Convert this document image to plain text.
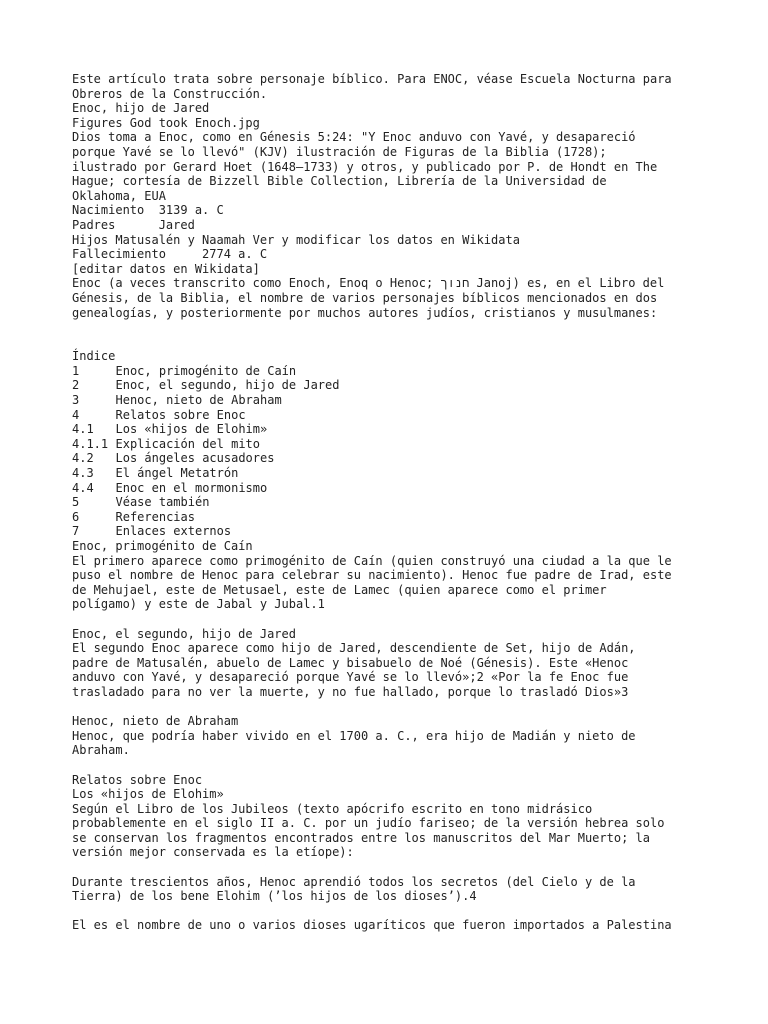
Este artículo trata sobre personaje bíblico. Para ENOC, véase Escuela Nocturna para
Obreros de la Construcción.
Enoc, hijo de Jared
Figures God took Enoch.jpg
Dios toma a Enoc, como en Génesis 5:24: "Y Enoc anduvo con Yavé, y desapareció
porque Yavé se lo llevó" (KJV) ilustración de Figuras de la Biblia (1728);
ilustrado por Gerard Hoet (1648–1733) y otros, y publicado por P. de Hondt en The
Hague; cortesía de Bizzell Bible Collection, Librería de la Universidad de
Oklahoma, EUA
Nacimiento  3139 a. C
Padres      Jared
Hijos Matusalén y Naamah Ver y modificar los datos en Wikidata
Fallecimiento     2774 a. C
[editar datos en Wikidata]
Enoc (a veces transcrito como Enoch, Enoq o Henoc; חנוך Janoj) es, en el Libro del
Génesis, de la Biblia, el nombre de varios personajes bíblicos mencionados en dos
genealogías, y posteriormente por muchos autores judíos, cristianos y musulmanes:
Índice
1	Enoc, primogénito de Caín
2	Enoc, el segundo, hijo de Jared
3	Henoc, nieto de Abraham
4	Relatos sobre Enoc
4.1 Los «hijos de Elohim»
4.1.1 Explicación del mito
4.2 Los ángeles acusadores
4.3 El ángel Metatrón
4.4 Enoc en el mormonismo
5	Véase también
6	Referencias
7	Enlaces externos
Enoc, primogénito de Caín
El primero aparece como primogénito de Caín (quien construyó una ciudad a la que le
puso el nombre de Henoc para celebrar su nacimiento). Henoc fue padre de Irad, este
de Mehujael, este de Metusael, este de Lamec (quien aparece como el primer
polígamo) y este de Jabal y Jubal.1
Enoc, el segundo, hijo de Jared
El segundo Enoc aparece como hijo de Jared, descendiente de Set, hijo de Adán,
padre de Matusalén, abuelo de Lamec y bisabuelo de Noé (Génesis). Este «Henoc
anduvo con Yavé, y desapareció porque Yavé se lo llevó»;2 «Por la fe Enoc fue
trasladado para no ver la muerte, y no fue hallado, porque lo trasladó Dios»3
Henoc, nieto de Abraham
Henoc, que podría haber vivido en el 1700 a. C., era hijo de Madián y nieto de
Abraham.
Relatos sobre Enoc
Los «hijos de Elohim»
Según el Libro de los Jubileos (texto apócrifo escrito en tono midrásico
probablemente en el siglo II a. C. por un judío fariseo; de la versión hebrea solo
se conservan los fragmentos encontrados entre los manuscritos del Mar Muerto; la
versión mejor conservada es la etíope):
Durante trescientos años, Henoc aprendió todos los secretos (del Cielo y de la
Tierra) de los bene Elohim (’los hijos de los dioses’).4
El es el nombre de uno o varios dioses ugaríticos que fueron importados a Palestina
